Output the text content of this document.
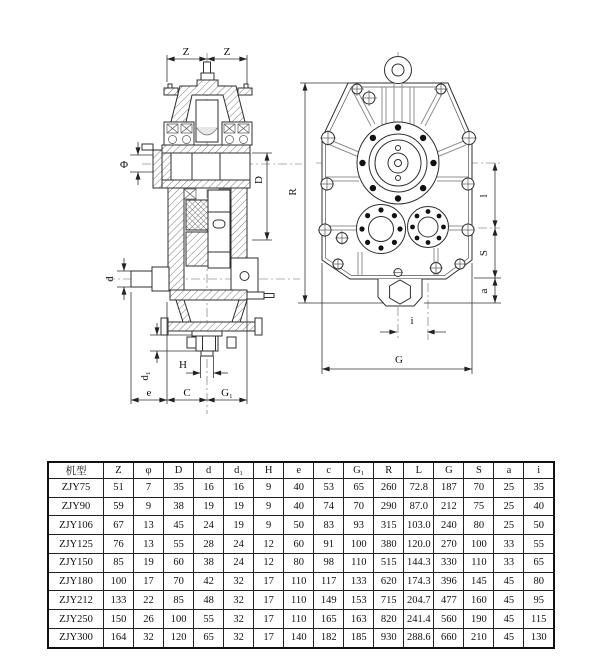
Z	Z
Φ
D
d
d₁
H
e	C	G₁
R
l
S
a
i
G
机型	Z	φ	D	d	d₁	H	e	c	G₁	R	L	G	S	a	i
ZJY75	51	7	35	16	16	9	40	53	65	260	72.8	187	70	25	35
ZJY90	59	9	38	19	19	9	40	74	70	290	87.0	212	75	25	40
ZJY106	67	13	45	24	19	9	50	83	93	315	103.0	240	80	25	50
ZJY125	76	13	55	28	24	12	60	91	100	380	120.0	270	100	33	55
ZJY150	85	19	60	38	24	12	80	98	110	515	144.3	330	110	33	65
ZJY180	100	17	70	42	32	17	110	117	133	620	174.3	396	145	45	80
ZJY212	133	22	85	48	32	17	110	149	153	715	204.7	477	160	45	95
ZJY250	150	26	100	55	32	17	110	165	163	820	241.4	560	190	45	115
ZJY300	164	32	120	65	32	17	140	182	185	930	288.6	660	210	45	130
